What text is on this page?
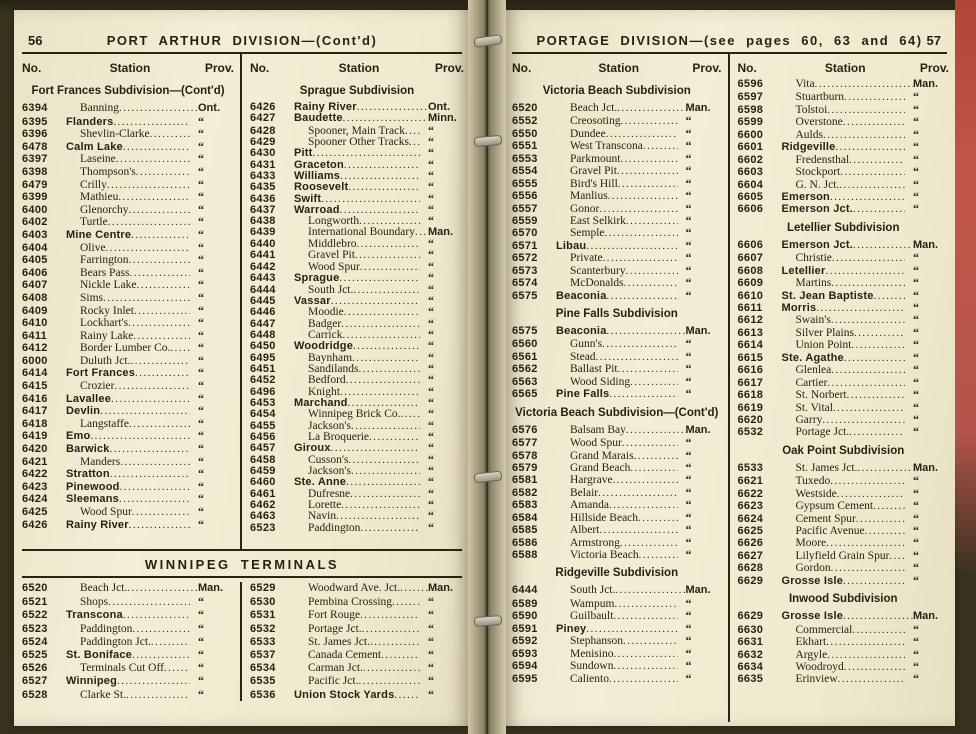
56	PORT ARTHUR DIVISION—(Cont'd)
No.	Station	Prov.
Fort Frances Subdivision—(Cont'd)
6394	Banning .....	Ont.
6395	Flanders .....	“
6396	Shevlin-Clarke .....	“
6478	Calm Lake .....	“
6397	Laseine .....	“
6398	Thompson's .....	“
6479	Crilly .....	“
6399	Mathieu .....	“
6400	Glenorchy .....	“
6402	Turtle .....	“
6403	Mine Centre .....	“
6404	Olive .....	“
6405	Farrington .....	“
6406	Bears Pass .....	“
6407	Nickle Lake .....	“
6408	Sims .....	“
6409	Rocky Inlet .....	“
6410	Lockhart's .....	“
6411	Rainy Lake .....	“
6412	Border Lumber Co. .....	“
6000	Duluth Jct. .....	“
6414	Fort Frances .....	“
6415	Crozier .....	“
6416	Lavallee .....	“
6417	Devlin .....	“
6418	Langstaffe .....	“
6419	Emo .....	“
6420	Barwick .....	“
6421	Manders .....	“
6422	Stratton .....	“
6423	Pinewood .....	“
6424	Sleemans .....	“
6425	Wood Spur .....	“
6426	Rainy River .....	“
No.	Station	Prov.
Sprague Subdivision
6426	Rainy River .....	Ont.
6427	Baudette .....	Minn.
6428	Spooner, Main Track .....	“
6429	Spooner Other Tracks .....	“
6430	Pitt .....	“
6431	Graceton .....	“
6433	Williams .....	“
6435	Roosevelt .....	“
6436	Swift .....	“
6437	Warroad .....	“
6438	Longworth .....	“
6439	International Boundary ..... Man.
6440	Middlebro .....	“
6441	Gravel Pit .....	“
6442	Wood Spur .....	“
6443	Sprague .....	“
6444	South Jct. .....	“
6445	Vassar .....	“
6446	Moodie .....	“
6447	Badger .....	“
6448	Carrick .....	“
6450	Woodridge .....	“
6495	Baynham .....	“
6451	Sandilands .....	“
6452	Bedford .....	“
6496	Knight .....	“
6453	Marchand .....	“
6454	Winnipeg Brick Co. .....	“
6455	Jackson's .....	“
6456	La Broquerie .....	“
6457	Giroux .....	“
6458	Cusson's .....	“
6459	Jackson's .....	“
6460	Ste. Anne .....	“
6461	Dufresne .....	“
6462	Lorette .....	“
6463	Navin .....	“
6523	Paddington .....	“
WINNIPEG TERMINALS
6520	Beach Jct. .....	Man.
6521	Shops .....	“
6522	Transcona .....	“
6523	Paddington .....	“
6524	Paddington Jct. .....	“
6525	St. Boniface .....	“
6526	Terminals Cut Off .....	“
6527	Winnipeg .....	“
6528	Clarke St. .....	“
6529	Woodward Ave. Jct. .....	Man.
6530	Pembina Crossing .....	“
6531	Fort Rouge .....	“
6532	Portage Jct. .....	“
6533	St. James Jct. .....	“
6537	Canada Cement .....	“
6534	Carman Jct. .....	“
6535	Pacific Jct. .....	“
6536	Union Stock Yards .....	“
PORTAGE DIVISION—(see pages 60, 63 and 64) 57
No.	Station	Prov.
Victoria Beach Subdivision
6520	Beach Jct. .....	Man.
6552	Creosoting .....	“
6550	Dundee .....	“
6551	West Transcona .....	“
6553	Parkmount .....	“
6554	Gravel Pit .....	“
6555	Bird's Hill .....	“
6556	Manlius .....	“
6557	Gonor .....	“
6559	East Selkirk .....	“
6570	Semple .....	“
6571	Libau .....	“
6572	Private .....	“
6573	Scanterbury .....	“
6574	McDonalds .....	“
6575	Beaconia .....	“
Pine Falls Subdivision
6575	Beaconia .....	Man.
6560	Gunn's .....	“
6561	Stead .....	“
6562	Ballast Pit .....	“
6563	Wood Siding .....	“
6565	Pine Falls .....	“
Victoria Beach Subdivision—(Cont'd)
6576	Balsam Bay .....	Man.
6577	Wood Spur .....	“
6578	Grand Marais .....	“
6579	Grand Beach .....	“
6581	Hargrave .....	“
6582	Belair .....	“
6583	Amanda .....	“
6584	Hillside Beach .....	“
6585	Albert .....	“
6586	Armstrong .....	“
6588	Victoria Beach .....	“
Ridgeville Subdivision
6444	South Jct. .....	Man.
6589	Wampum .....	“
6590	Guilbault .....	“
6591	Piney .....	“
6592	Stephanson .....	“
6593	Menisino .....	“
6594	Sundown .....	“
6595	Caliento .....	“
No.	Station	Prov.
6596	Vita .....	Man.
6597	Stuartburn .....	“
6598	Tolstoi .....	“
6599	Overstone .....	“
6600	Aulds .....	“
6601	Ridgeville .....	“
6602	Fredensthal .....	“
6603	Stockport .....	“
6604	G. N. Jct. .....	“
6605	Emerson .....	“
6606	Emerson Jct. .....	“
Letellier Subdivision
6606	Emerson Jct. .....	Man.
6607	Christie .....	“
6608	Letellier .....	“
6609	Martins .....	“
6610	St. Jean Baptiste .....	“
6611	Morris .....	“
6612	Swain's .....	“
6613	Silver Plains .....	“
6614	Union Point .....	“
6615	Ste. Agathe .....	“
6616	Glenlea .....	“
6617	Cartier .....	“
6618	St. Norbert .....	“
6619	St. Vital .....	“
6620	Garry .....	“
6532	Portage Jct. .....	“
Oak Point Subdivision
6533	St. James Jct. .....	Man.
6621	Tuxedo .....	“
6622	Westside .....	“
6623	Gypsum Cement .....	“
6624	Cement Spur .....	“
6625	Pacific Avenue .....	“
6626	Moore .....	“
6627	Lilyfield Grain Spur .....	“
6628	Gordon .....	“
6629	Grosse Isle .....	“
Inwood Subdivision
6629	Grosse Isle .....	Man.
6630	Commercial .....	“
6631	Ekhart .....	“
6632	Argyle .....	“
6634	Woodroyd .....	“
6635	Erinview .....	“
